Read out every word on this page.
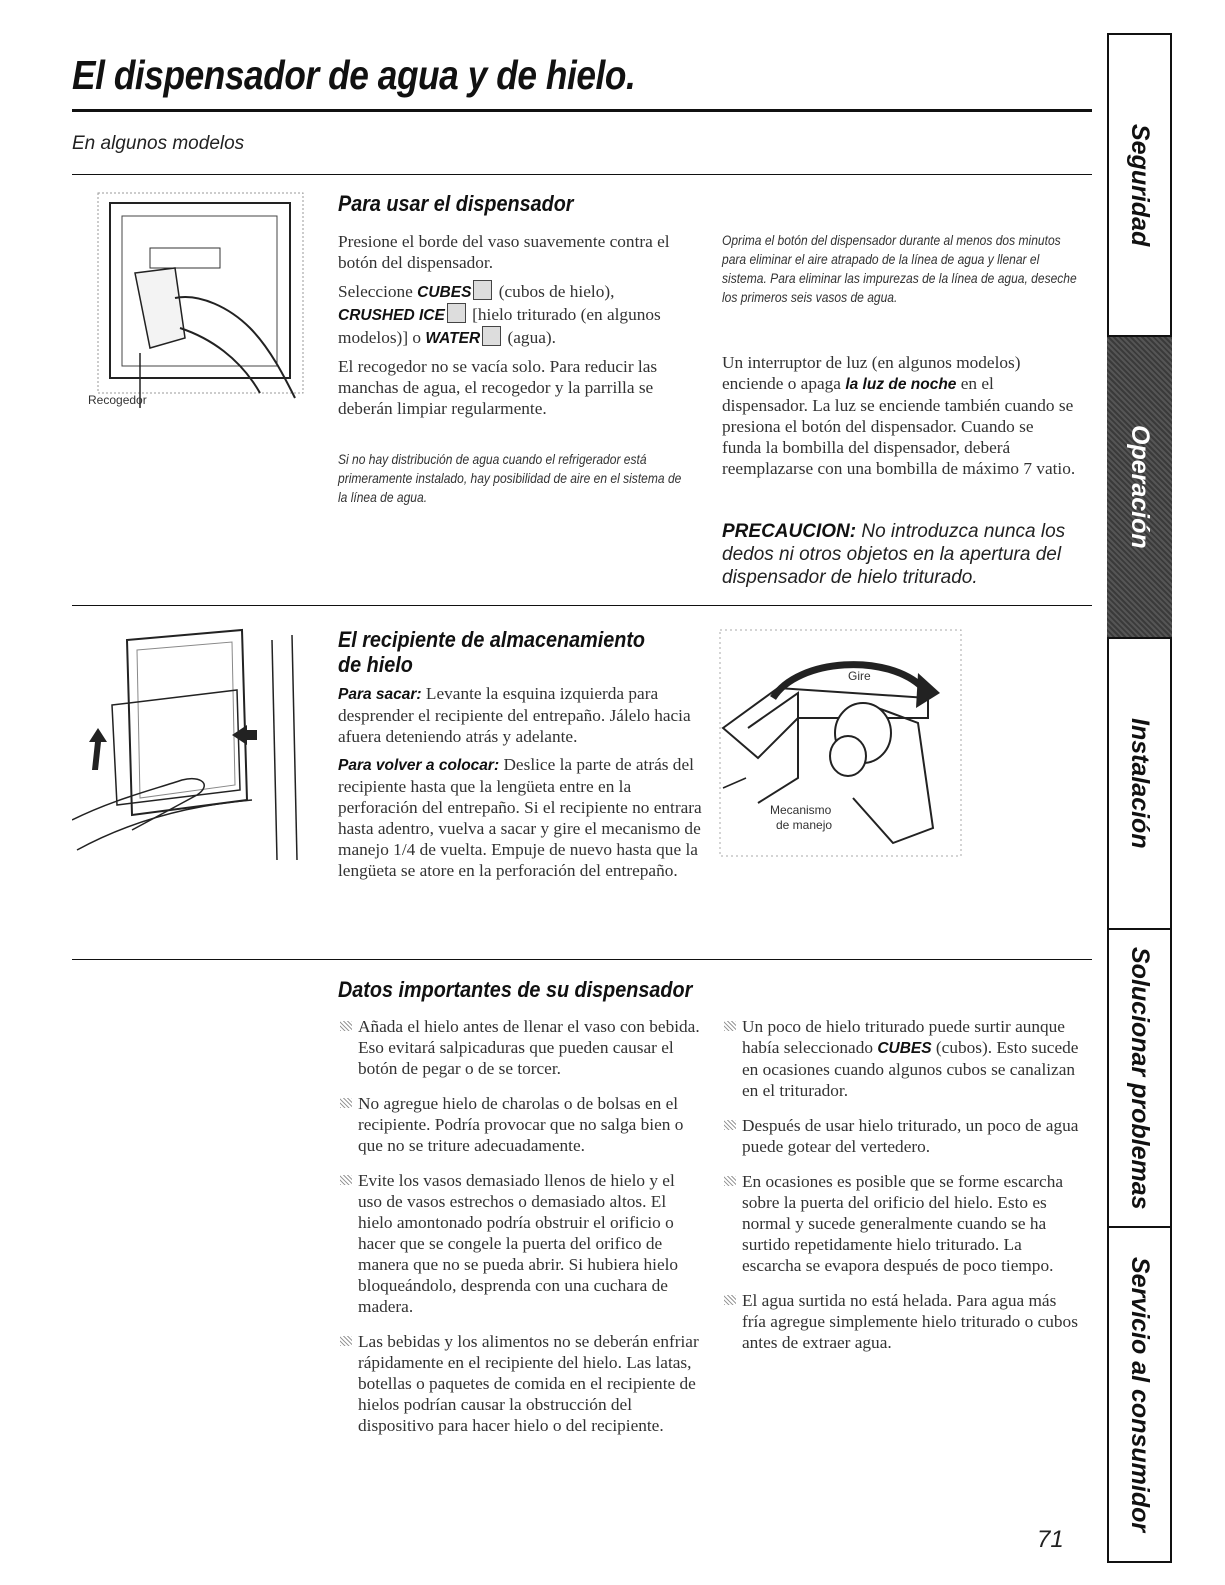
El dispensador de agua y de hielo.
En algunos modelos
Recogedor
Para usar el dispensador

Presione el borde del vaso suavemente contra el botón del dispensador.

Seleccione CUBES (cubos de hielo), CRUSHED ICE [hielo triturado (en algunos modelos)] o WATER (agua).

El recogedor no se vacía solo. Para reducir las manchas de agua, el recogedor y la parrilla se deberán limpiar regularmente.

Si no hay distribución de agua cuando el refrigerador está primeramente instalado, hay posibilidad de aire en el sistema de la línea de agua.
Oprima el botón del dispensador durante al menos dos minutos para eliminar el aire atrapado de la línea de agua y llenar el sistema. Para eliminar las impurezas de la línea de agua, deseche los primeros seis vasos de agua.
Un interruptor de luz (en algunos modelos) enciende o apaga la luz de noche en el dispensador. La luz se enciende también cuando se presiona el botón del dispensador. Cuando se funda la bombilla del dispensador, deberá reemplazarse con una bombilla de máximo 7 vatio.
PRECAUCION: No introduzca nunca los dedos ni otros objetos en la apertura del dispensador de hielo triturado.
El recipiente de almacenamiento
de hielo

Para sacar: Levante la esquina izquierda para desprender el recipiente del entrepaño. Jálelo hacia afuera deteniendo atrás y adelante.

Para volver a colocar: Deslice la parte de atrás del recipiente hasta que la lengüeta entre en la perforación del entrepaño. Si el recipiente no entrara hasta adentro, vuelva a sacar y gire el mecanismo de manejo 1/4 de vuelta. Empuje de nuevo hasta que la lengüeta se atore en la perforación del entrepaño.

Gire
Mecanismo
de manejo
Datos importantes de su dispensador
Añada el hielo antes de llenar el vaso con bebida. Eso evitará salpicaduras que pueden causar el botón de pegar o de se torcer.
No agregue hielo de charolas o de bolsas en el recipiente. Podría provocar que no salga bien o que no se triture adecuadamente.
Evite los vasos demasiado llenos de hielo y el uso de vasos estrechos o demasiado altos. El hielo amontonado podría obstruir el orificio o hacer que se congele la puerta del orifico de manera que no se pueda abrir. Si hubiera hielo bloqueándolo, desprenda con una cuchara de madera.
Las bebidas y los alimentos no se deberán enfriar rápidamente en el recipiente del hielo. Las latas, botellas o paquetes de comida en el recipiente de hielos podrían causar la obstrucción del dispositivo para hacer hielo o del recipiente.
Un poco de hielo triturado puede surtir aunque había seleccionado CUBES (cubos). Esto sucede en ocasiones cuando algunos cubos se canalizan en el triturador.
Después de usar hielo triturado, un poco de agua puede gotear del vertedero.
En ocasiones es posible que se forme escarcha sobre la puerta del orificio del hielo. Esto es normal y sucede generalmente cuando se ha surtido repetidamente hielo triturado. La escarcha se evapora después de poco tiempo.
El agua surtida no está helada. Para agua más fría agregue simplemente hielo triturado o cubos antes de extraer agua.
71
Seguridad
Operación
Instalación
Solucionar problemas
Servicio al consumidor
